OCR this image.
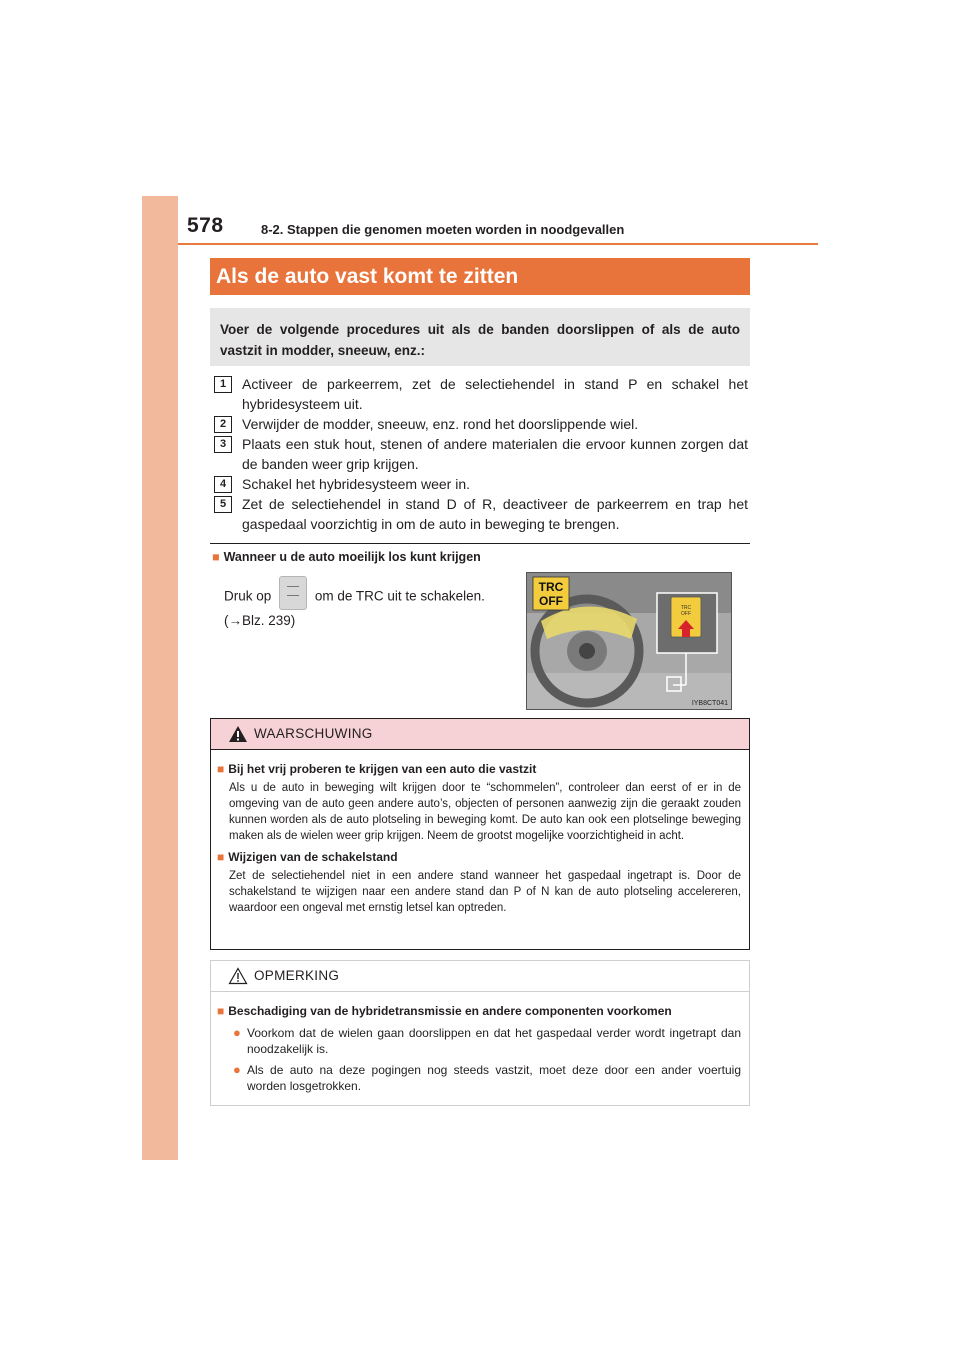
578	8-2. Stappen die genomen moeten worden in noodgevallen
Als de auto vast komt te zitten
Voer de volgende procedures uit als de banden doorslippen of als de auto vastzit in modder, sneeuw, enz.:
1	Activeer de parkeerrem, zet de selectiehendel in stand P en schakel het hybridesysteem uit.
2	Verwijder de modder, sneeuw, enz. rond het doorslippende wiel.
3	Plaats een stuk hout, stenen of andere materialen die ervoor kunnen zorgen dat de banden weer grip krijgen.
4	Schakel het hybridesysteem weer in.
5	Zet de selectiehendel in stand D of R, deactiveer de parkeerrem en trap het gaspedaal voorzichtig in om de auto in beweging te brengen.
■ Wanneer u de auto moeilijk los kunt krijgen
Druk op	om de TRC uit te schakelen.
(→Blz. 239)
TRC
OFF
TRC
OFF
IYB8CT041
WAARSCHUWING
■ Bij het vrij proberen te krijgen van een auto die vastzit
Als u de auto in beweging wilt krijgen door te “schommelen”, controleer dan eerst of er in de omgeving van de auto geen andere auto’s, objecten of personen aanwezig zijn die geraakt zouden kunnen worden als de auto plotseling in beweging komt. De auto kan ook een plotselinge beweging maken als de wielen weer grip krijgen. Neem de grootst mogelijke voorzichtigheid in acht.
■ Wijzigen van de schakelstand
Zet de selectiehendel niet in een andere stand wanneer het gaspedaal ingetrapt is. Door de schakelstand te wijzigen naar een andere stand dan P of N kan de auto plotseling accelereren, waardoor een ongeval met ernstig letsel kan optreden.
OPMERKING
■ Beschadiging van de hybridetransmissie en andere componenten voorkomen
● Voorkom dat de wielen gaan doorslippen en dat het gaspedaal verder wordt ingetrapt dan noodzakelijk is.
● Als de auto na deze pogingen nog steeds vastzit, moet deze door een ander voertuig worden losgetrokken.
